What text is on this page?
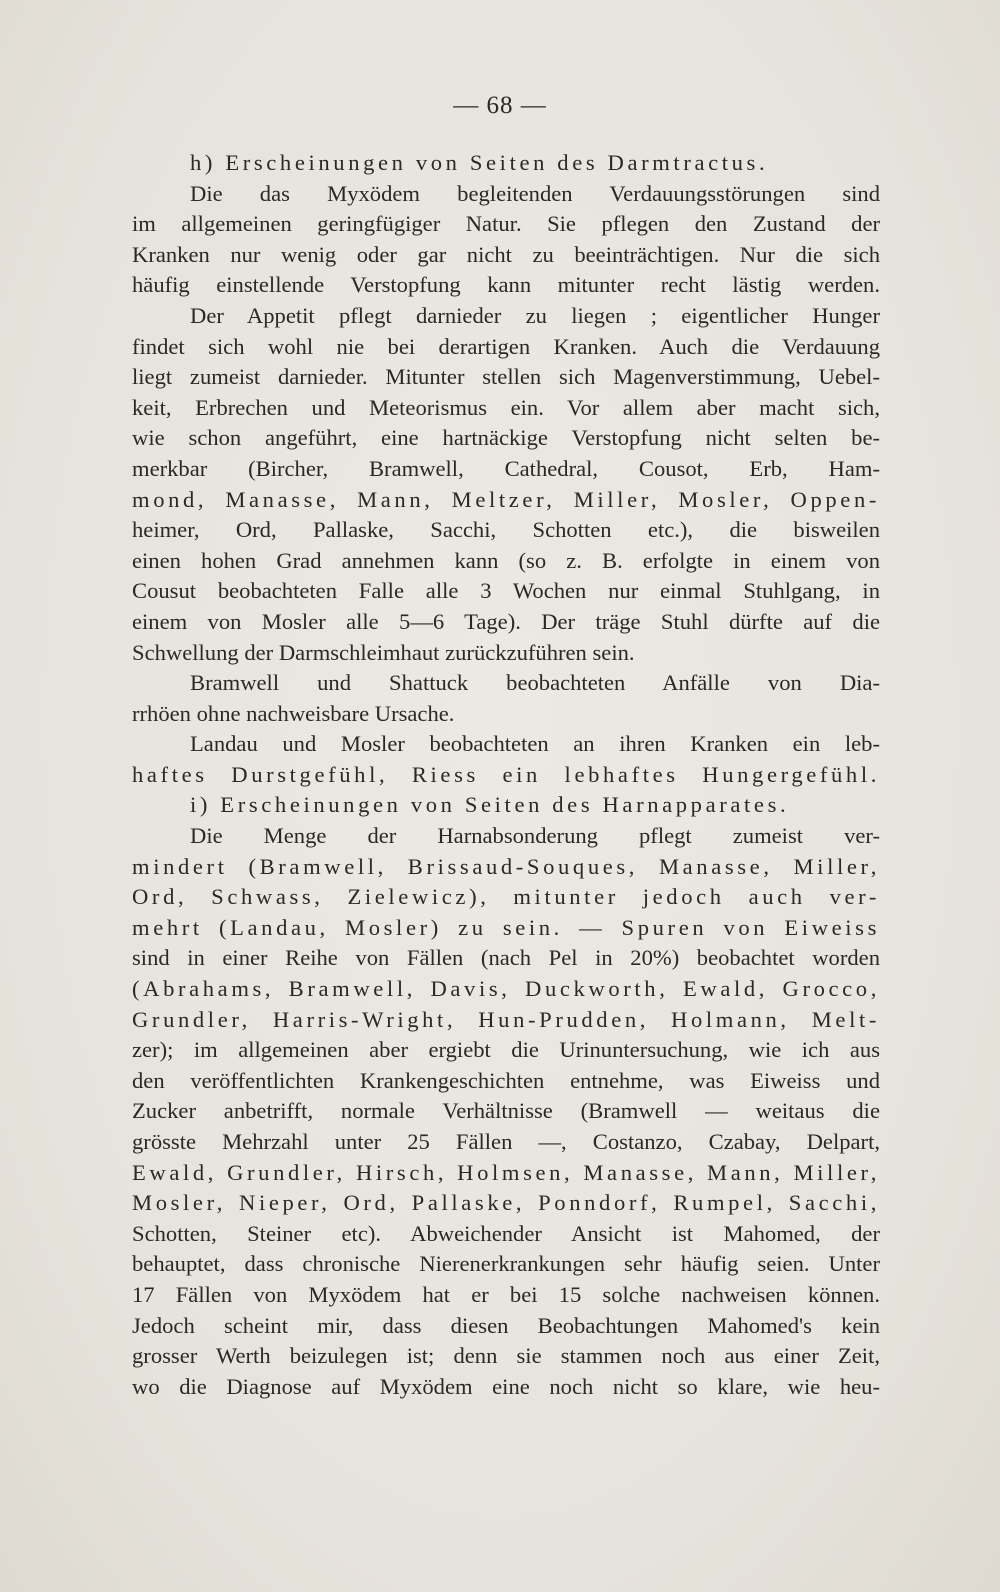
— 68 —
h) Erscheinungen von Seiten des Darmtractus.
Die das Myxödem begleitenden Verdauungsstörungen sind
im allgemeinen geringfügiger Natur. Sie pflegen den Zustand der
Kranken nur wenig oder gar nicht zu beeinträchtigen. Nur die sich
häufig einstellende Verstopfung kann mitunter recht lästig werden.
Der Appetit pflegt darnieder zu liegen ; eigentlicher Hunger
findet sich wohl nie bei derartigen Kranken. Auch die Verdauung
liegt zumeist darnieder. Mitunter stellen sich Magenverstimmung, Uebel-
keit, Erbrechen und Meteorismus ein. Vor allem aber macht sich,
wie schon angeführt, eine hartnäckige Verstopfung nicht selten be-
merkbar (Bircher, Bramwell, Cathedral, Cousot, Erb, Ham-
mond, Manasse, Mann, Meltzer, Miller, Mosler, Oppen-
heimer, Ord, Pallaske, Sacchi, Schotten etc.), die bisweilen
einen hohen Grad annehmen kann (so z. B. erfolgte in einem von
Cousut beobachteten Falle alle 3 Wochen nur einmal Stuhlgang, in
einem von Mosler alle 5—6 Tage). Der träge Stuhl dürfte auf die
Schwellung der Darmschleimhaut zurückzuführen sein.
Bramwell und Shattuck beobachteten Anfälle von Dia-
rrhöen ohne nachweisbare Ursache.
Landau und Mosler beobachteten an ihren Kranken ein leb-
haftes Durstgefühl, Riess ein lebhaftes Hungergefühl.
i) Erscheinungen von Seiten des Harnapparates.
Die Menge der Harnabsonderung pflegt zumeist ver-
mindert (Bramwell, Brissaud-Souques, Manasse, Miller,
Ord, Schwass, Zielewicz), mitunter jedoch auch ver-
mehrt (Landau, Mosler) zu sein. — Spuren von Eiweiss
sind in einer Reihe von Fällen (nach Pel in 20%) beobachtet worden
(Abrahams, Bramwell, Davis, Duckworth, Ewald, Grocco,
Grundler, Harris-Wright, Hun-Prudden, Holmann, Melt-
zer); im allgemeinen aber ergiebt die Urinuntersuchung, wie ich aus
den veröffentlichten Krankengeschichten entnehme, was Eiweiss und
Zucker anbetrifft, normale Verhältnisse (Bramwell — weitaus die
grösste Mehrzahl unter 25 Fällen —, Costanzo, Czabay, Delpart,
Ewald, Grundler, Hirsch, Holmsen, Manasse, Mann, Miller,
Mosler, Nieper, Ord, Pallaske, Ponndorf, Rumpel, Sacchi,
Schotten, Steiner etc). Abweichender Ansicht ist Mahomed, der
behauptet, dass chronische Nierenerkrankungen sehr häufig seien. Unter
17 Fällen von Myxödem hat er bei 15 solche nachweisen können.
Jedoch scheint mir, dass diesen Beobachtungen Mahomed's kein
grosser Werth beizulegen ist; denn sie stammen noch aus einer Zeit,
wo die Diagnose auf Myxödem eine noch nicht so klare, wie heu-
